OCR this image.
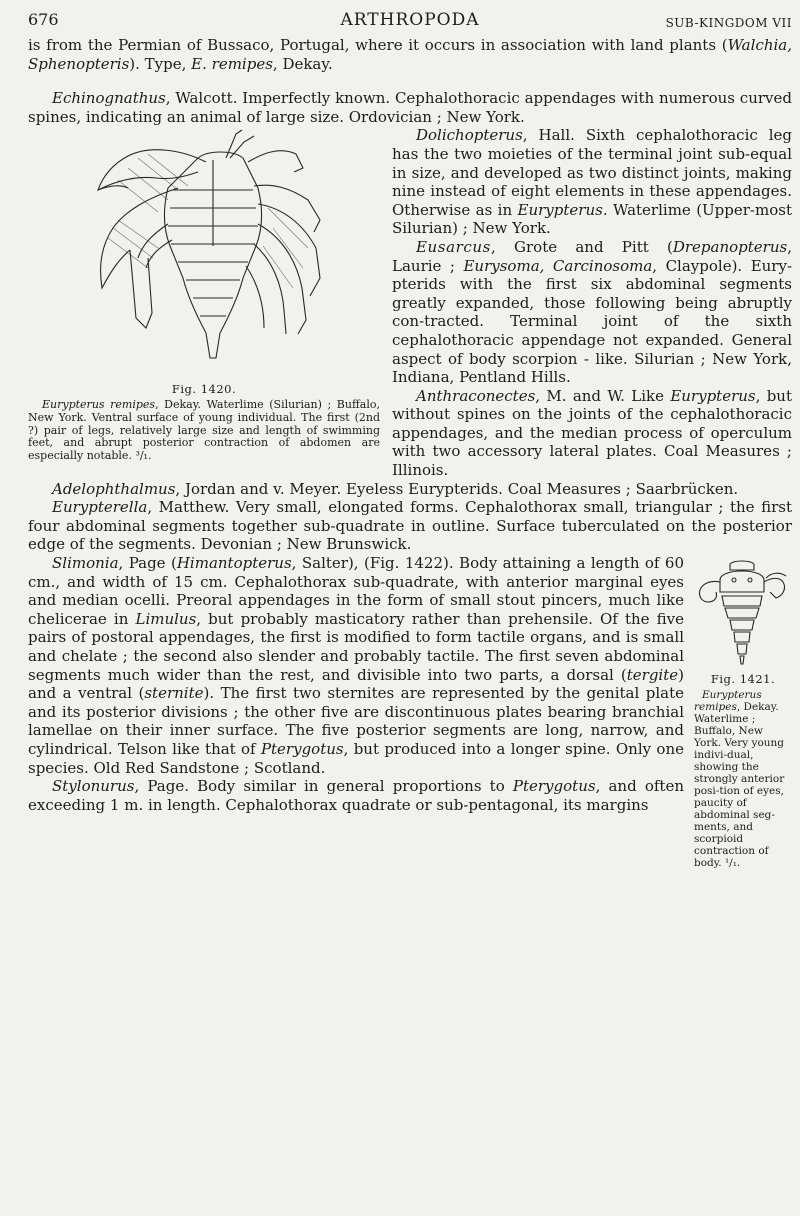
676	ARTHROPODA	SUB-KINGDOM VII

is from the Permian of Bussaco, Portugal, where it occurs in association with land plants (Walchia, Sphenopteris). Type, E. remipes, Dekay.

Echinognathus, Walcott. Imperfectly known. Cephalothoracic appendages with numerous curved spines, indicating an animal of large size. Ordovician ; New York.

Fig. 1420.
Eurypterus remipes, Dekay. Waterlime (Silurian) ; Buffalo, New York. Ventral surface of young individual. The first (2nd ?) pair of legs, relatively large size and length of swimming feet, and abrupt posterior contraction of abdomen are especially notable. ³/₁.

Dolichopterus, Hall. Sixth cephalothoracic leg has the two moieties of the terminal joint sub-equal in size, and developed as two distinct joints, making nine instead of eight elements in these appendages. Otherwise as in Eurypterus. Waterlime (Upper-most Silurian) ; New York.

Eusarcus, Grote and Pitt (Drepanopterus, Laurie ; Eurysoma, Carcinosoma, Claypole). Eury-pterids with the first six abdominal segments greatly expanded, those following being abruptly con-tracted. Terminal joint of the sixth cephalothoracic appendage not expanded. General aspect of body scorpion - like. Silurian ; New York, Indiana, Pentland Hills.

Anthraconectes, M. and W. Like Eurypterus, but without spines on the joints of the cephalothoracic appendages, and the median process of operculum with two accessory lateral plates. Coal Measures ; Illinois.

Adelophthalmus, Jordan and v. Meyer. Eyeless Eurypterids. Coal Measures ; Saarbrücken.

Eurypterella, Matthew. Very small, elongated forms. Cephalothorax small, triangular ; the first four abdominal segments together sub-quadrate in outline. Surface tuberculated on the posterior edge of the segments. Devonian ; New Brunswick.

Fig. 1421.
Eurypterus remipes, Dekay. Waterlime ; Buffalo, New York. Very young indivi-dual, showing the strongly anterior posi-tion of eyes, paucity of abdominal seg-ments, and scorpioid contraction of body. ¹/₁.

Slimonia, Page (Himantopterus, Salter), (Fig. 1422). Body attaining a length of 60 cm., and width of 15 cm. Cephalothorax sub-quadrate, with anterior marginal eyes and median ocelli. Preoral appendages in the form of small stout pincers, much like chelicerae in Limulus, but probably masticatory rather than prehensile. Of the five pairs of postoral appendages, the first is modified to form tactile organs, and is small and chelate ; the second also slender and probably tactile. The first seven abdominal segments much wider than the rest, and divisible into two parts, a dorsal (tergite) and a ventral (sternite). The first two sternites are represented by the genital plate and its posterior divisions ; the other five are discontinuous plates bearing branchial lamellae on their inner surface. The five posterior segments are long, narrow, and cylindrical. Telson like that of Pterygotus, but produced into a longer spine. Only one species. Old Red Sandstone ; Scotland.

Stylonurus, Page. Body similar in general proportions to Pterygotus, and often exceeding 1 m. in length. Cephalothorax quadrate or sub-pentagonal, its margins
